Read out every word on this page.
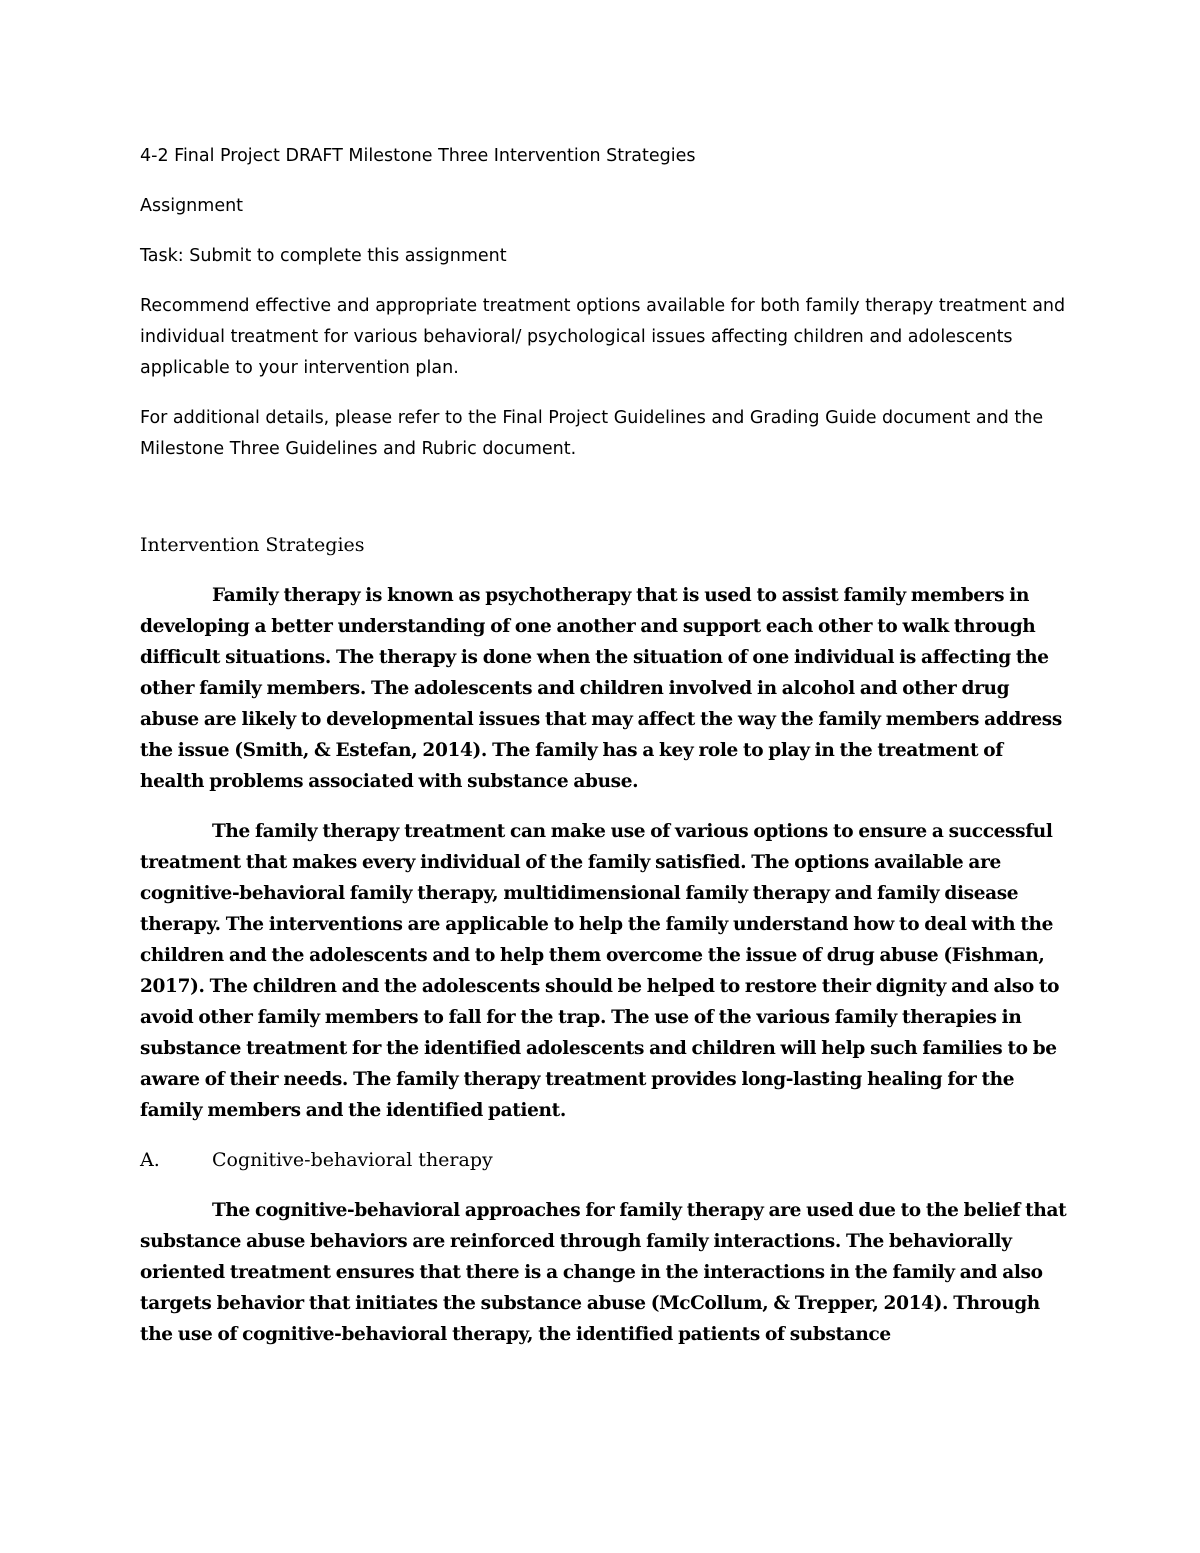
4-2 Final Project DRAFT Milestone Three Intervention Strategies

Assignment

Task: Submit to complete this assignment

Recommend effective and appropriate treatment options available for both family therapy treatment and individual treatment for various behavioral/ psychological issues affecting children and adolescents applicable to your intervention plan.

For additional details, please refer to the Final Project Guidelines and Grading Guide document and the Milestone Three Guidelines and Rubric document.

Intervention Strategies

Family therapy is known as psychotherapy that is used to assist family members in developing a better understanding of one another and support each other to walk through difficult situations. The therapy is done when the situation of one individual is affecting the other family members. The adolescents and children involved in alcohol and other drug abuse are likely to developmental issues that may affect the way the family members address the issue (Smith, & Estefan, 2014). The family has a key role to play in the treatment of health problems associated with substance abuse.

The family therapy treatment can make use of various options to ensure a successful treatment that makes every individual of the family satisfied. The options available are cognitive-behavioral family therapy, multidimensional family therapy and family disease therapy. The interventions are applicable to help the family understand how to deal with the children and the adolescents and to help them overcome the issue of drug abuse (Fishman, 2017). The children and the adolescents should be helped to restore their dignity and also to avoid other family members to fall for the trap. The use of the various family therapies in substance treatment for the identified adolescents and children will help such families to be aware of their needs. The family therapy treatment provides long-lasting healing for the family members and the identified patient.

A.	Cognitive-behavioral therapy

The cognitive-behavioral approaches for family therapy are used due to the belief that substance abuse behaviors are reinforced through family interactions. The behaviorally oriented treatment ensures that there is a change in the interactions in the family and also targets behavior that initiates the substance abuse (McCollum, & Trepper, 2014). Through the use of cognitive-behavioral therapy, the identified patients of substance
